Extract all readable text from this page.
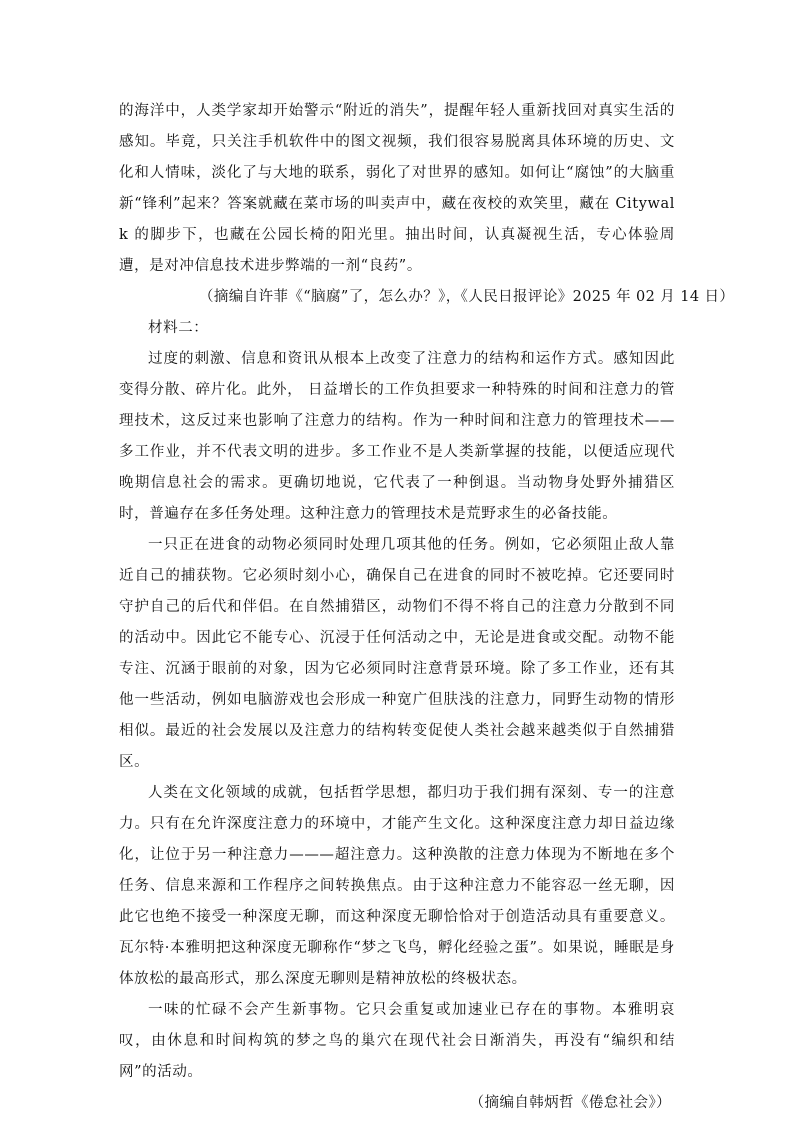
的海洋中，人类学家却开始警示“附近的消失”，提醒年轻人重新找回对真实生活的感知。毕竟，只关注手机软件中的图文视频，我们很容易脱离具体环境的历史、文化和人情味，淡化了与大地的联系，弱化了对世界的感知。如何让“腐蚀”的大脑重新“锋利”起来？答案就藏在菜市场的叫卖声中，藏在夜校的欢笑里，藏在 Citywalk 的脚步下，也藏在公园长椅的阳光里。抽出时间，认真凝视生活，专心体验周遭，是对冲信息技术进步弊端的一剂“良药”。

（摘编自许菲《“脑腐”了，怎么办？》，《人民日报评论》2025 年 02 月 14 日）

材料二：

过度的刺激、信息和资讯从根本上改变了注意力的结构和运作方式。感知因此变得分散、碎片化。此外， 日益增长的工作负担要求一种特殊的时间和注意力的管理技术，这反过来也影响了注意力的结构。作为一种时间和注意力的管理技术——多工作业，并不代表文明的进步。多工作业不是人类新掌握的技能，以便适应现代晚期信息社会的需求。更确切地说，它代表了一种倒退。当动物身处野外捕猎区时，普遍存在多任务处理。这种注意力的管理技术是荒野求生的必备技能。

一只正在进食的动物必须同时处理几项其他的任务。例如，它必须阻止敌人靠近自己的捕获物。它必须时刻小心，确保自己在进食的同时不被吃掉。它还要同时守护自己的后代和伴侣。在自然捕猎区，动物们不得不将自己的注意力分散到不同的活动中。因此它不能专心、沉浸于任何活动之中，无论是进食或交配。动物不能专注、沉涵于眼前的对象，因为它必须同时注意背景环境。除了多工作业，还有其他一些活动，例如电脑游戏也会形成一种宽广但肤浅的注意力，同野生动物的情形相似。最近的社会发展以及注意力的结构转变促使人类社会越来越类似于自然捕猎区。

人类在文化领域的成就，包括哲学思想，都归功于我们拥有深刻、专一的注意力。只有在允许深度注意力的环境中，才能产生文化。这种深度注意力却日益边缘化，让位于另一种注意力———超注意力。这种涣散的注意力体现为不断地在多个任务、信息来源和工作程序之间转换焦点。由于这种注意力不能容忍一丝无聊，因此它也绝不接受一种深度无聊，而这种深度无聊恰恰对于创造活动具有重要意义。瓦尔特·本雅明把这种深度无聊称作“梦之飞鸟，孵化经验之蛋”。如果说，睡眠是身体放松的最高形式，那么深度无聊则是精神放松的终极状态。

一味的忙碌不会产生新事物。它只会重复或加速业已存在的事物。本雅明哀叹，由休息和时间构筑的梦之鸟的巢穴在现代社会日渐消失，再没有“编织和结网”的活动。

（摘编自韩炳哲《倦怠社会》）
